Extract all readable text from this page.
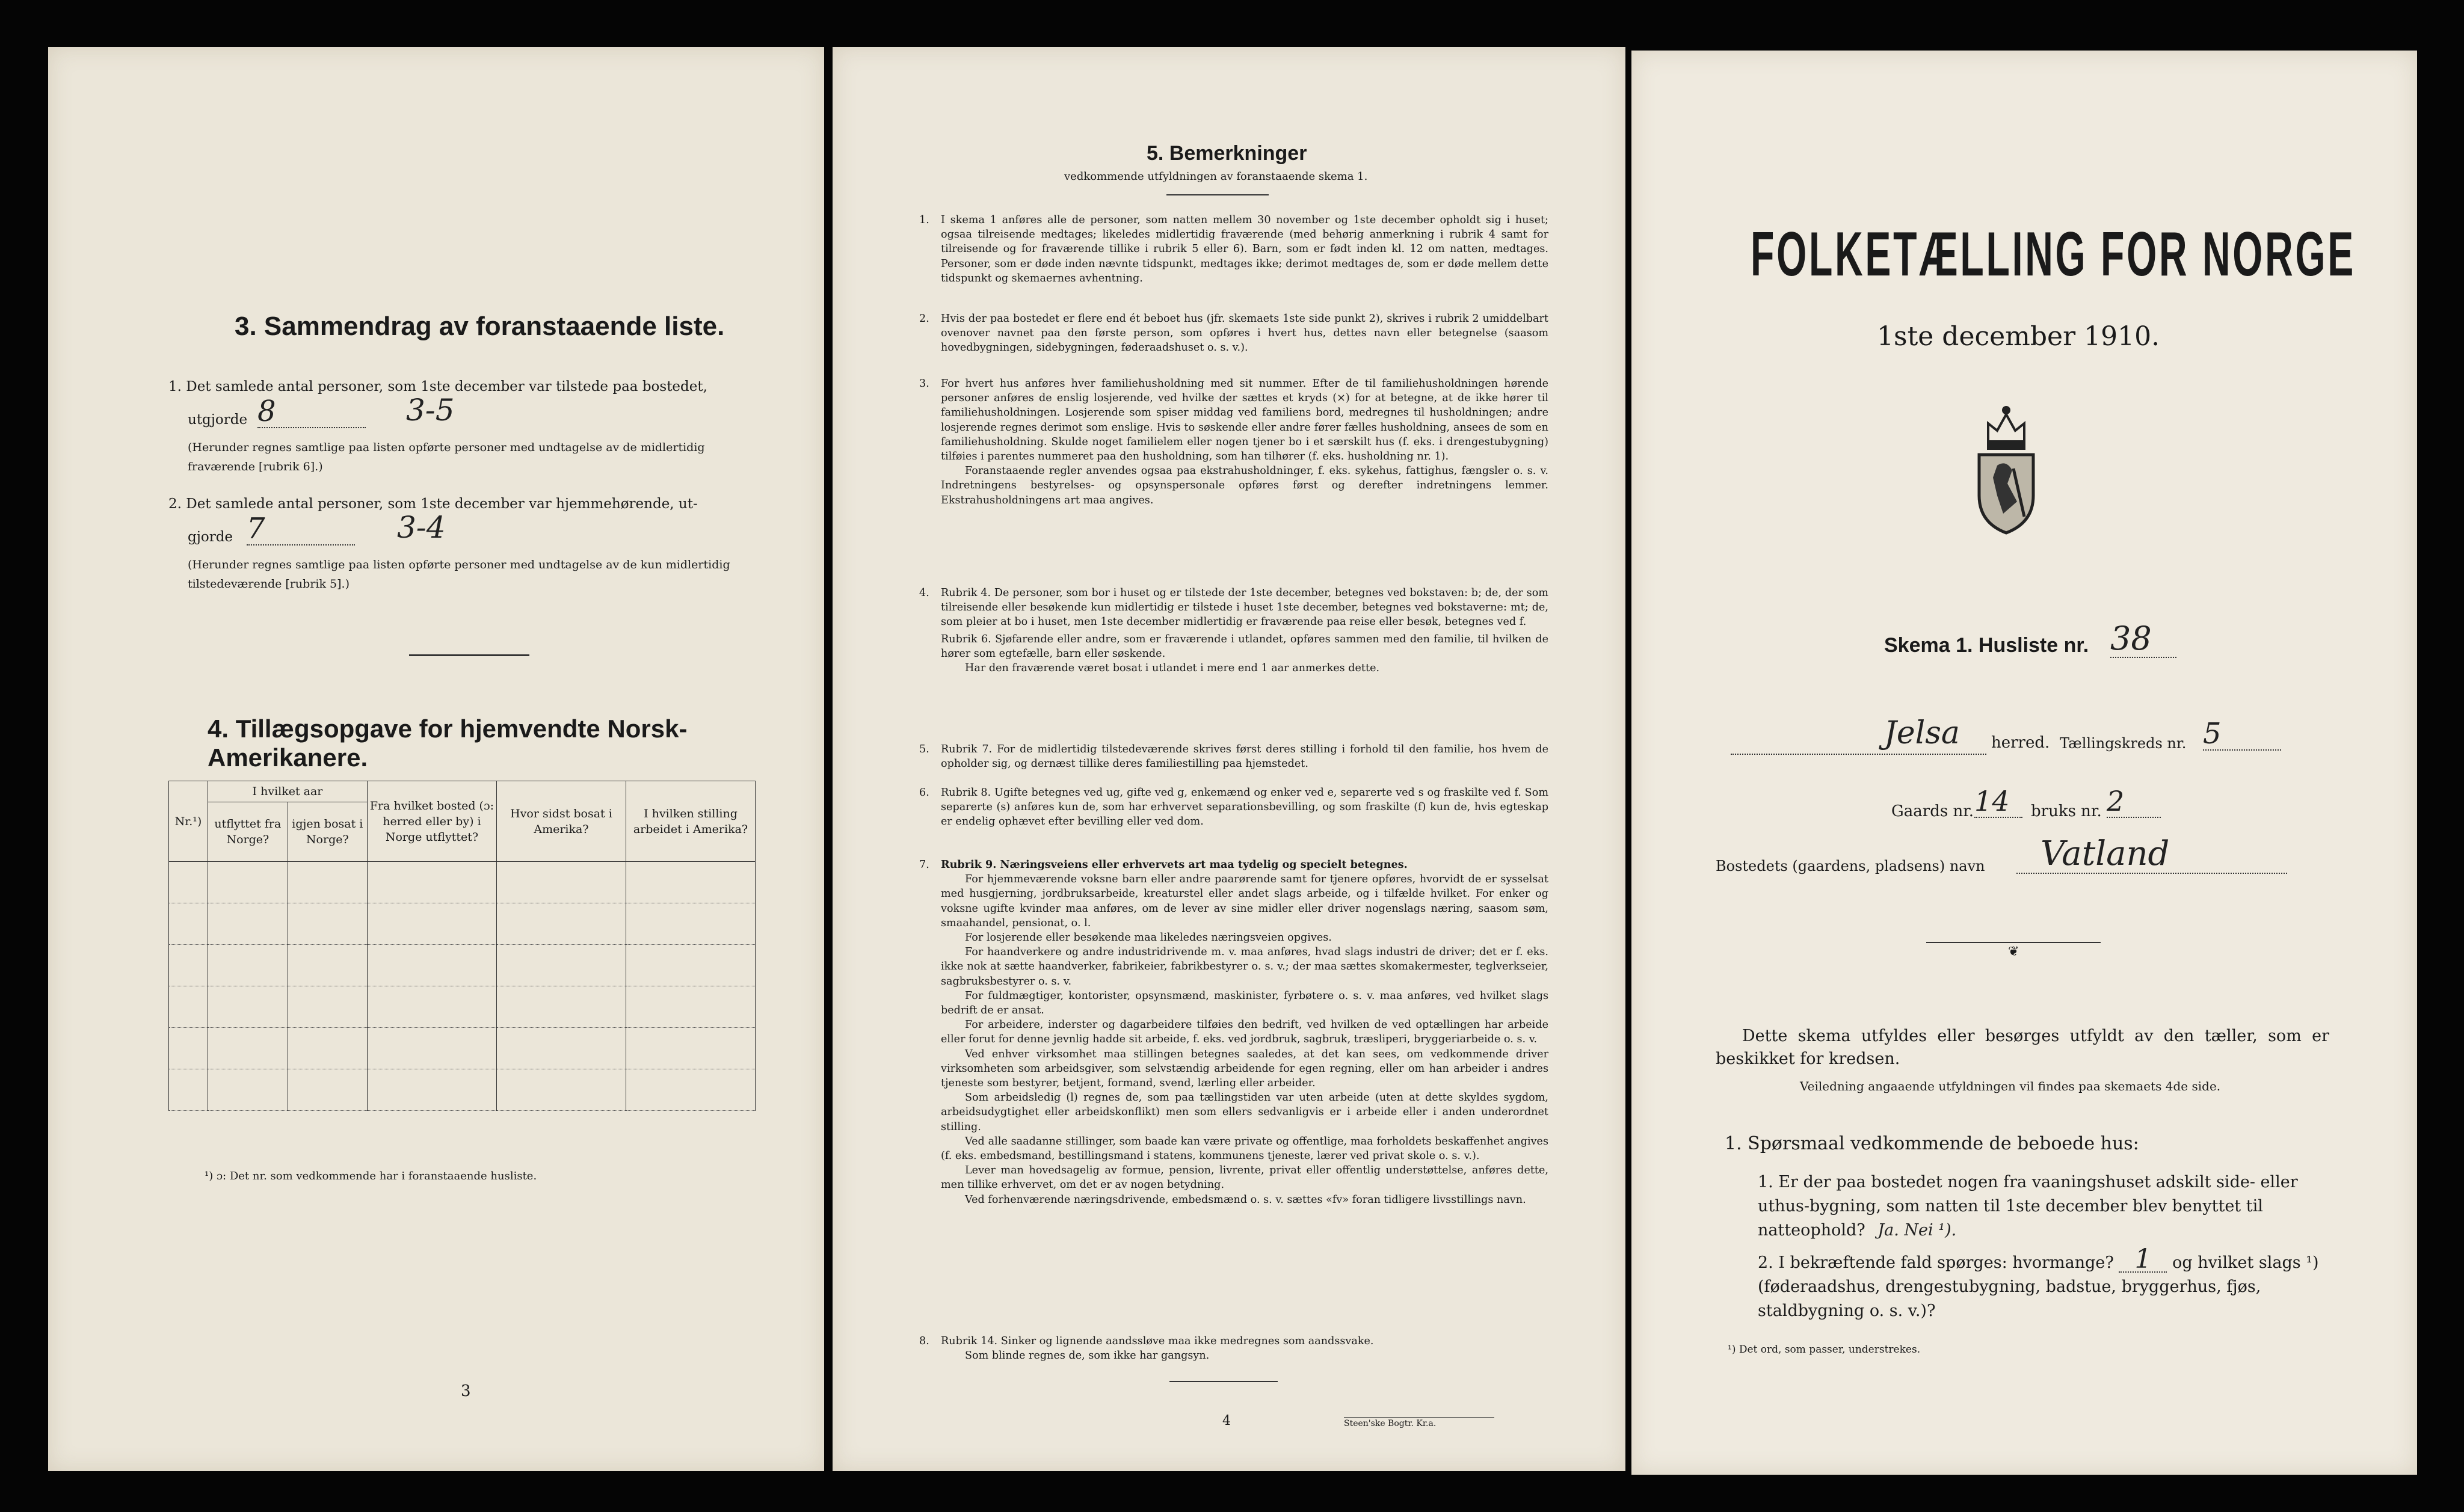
3. Sammendrag av foranstaaende liste.
1. Det samlede antal personer, som 1ste december var tilstede paa bostedet,
utgjorde 8	3-5
(Herunder regnes samtlige paa listen opførte personer med undtagelse av de midlertidig fraværende [rubrik 6].)
2. Det samlede antal personer, som 1ste december var hjemmehørende, ut-
gjorde 7	3-4
(Herunder regnes samtlige paa listen opførte personer med undtagelse av de kun midlertidig tilstedeværende [rubrik 5].)
4. Tillægsopgave for hjemvendte Norsk-Amerikanere.
Nr.¹)	I hvilket aar		Fra hvilket bosted (ɔ: herred eller by) i Norge utflyttet?	Hvor sidst bosat i Amerika?	I hvilken stilling arbeidet i Amerika?
	utflyttet fra Norge?	igjen bosat i Norge?			

¹) ɔ: Det nr. som vedkommende har i foranstaaende husliste.
3
5. Bemerkninger
vedkommende utfyldningen av foranstaaende skema 1.
1. I skema 1 anføres alle de personer, som natten mellem 30 november og 1ste december opholdt sig i huset; ogsaa tilreisende medtages; likeledes midlertidig fraværende (med behørig anmerkning i rubrik 4 samt for tilreisende og for fraværende tillike i rubrik 5 eller 6). Barn, som er født inden kl. 12 om natten, medtages. Personer, som er døde inden nævnte tidspunkt, medtages ikke; derimot medtages de, som er døde mellem dette tidspunkt og skemaernes avhentning.
2. Hvis der paa bostedet er flere end ét beboet hus (jfr. skemaets 1ste side punkt 2), skrives i rubrik 2 umiddelbart ovenover navnet paa den første person, som opføres i hvert hus, dettes navn eller betegnelse (saasom hovedbygningen, sidebygningen, føderaadshuset o. s. v.).
3. For hvert hus anføres hver familiehusholdning med sit nummer. Efter de til familiehusholdningen hørende personer anføres de enslig losjerende, ved hvilke der sættes et kryds (×) for at betegne, at de ikke hører til familiehusholdningen. Losjerende som spiser middag ved familiens bord, medregnes til husholdningen; andre losjerende regnes derimot som enslige. Hvis to søskende eller andre fører fælles husholdning, ansees de som en familiehusholdning. Skulde noget familielem eller nogen tjener bo i et særskilt hus (f. eks. i drengestubygning) tilføies i parentes nummeret paa den husholdning, som han tilhører (f. eks. husholdning nr. 1).
Foranstaaende regler anvendes ogsaa paa ekstrahusholdninger, f. eks. sykehus, fattighus, fængsler o. s. v. Indretningens bestyrelses- og opsynspersonale opføres først og derefter indretningens lemmer. Ekstrahusholdningens art maa angives.
4. Rubrik 4. De personer, som bor i huset og er tilstede der 1ste december, betegnes ved bokstaven: b; de, der som tilreisende eller besøkende kun midlertidig er tilstede i huset 1ste december, betegnes ved bokstaverne: mt; de, som pleier at bo i huset, men 1ste december midlertidig er fraværende paa reise eller besøk, betegnes ved f.
Rubrik 6. Sjøfarende eller andre, som er fraværende i utlandet, opføres sammen med den familie, til hvilken de hører som egtefælle, barn eller søskende.
Har den fraværende været bosat i utlandet i mere end 1 aar anmerkes dette.
5. Rubrik 7. For de midlertidig tilstedeværende skrives først deres stilling i forhold til den familie, hos hvem de opholder sig, og dernæst tillike deres familiestilling paa hjemstedet.
6. Rubrik 8. Ugifte betegnes ved ug, gifte ved g, enkemænd og enker ved e, separerte ved s og fraskilte ved f. Som separerte (s) anføres kun de, som har erhvervet separationsbevilling, og som fraskilte (f) kun de, hvis egteskap er endelig ophævet efter bevilling eller ved dom.
7. Rubrik 9. Næringsveiens eller erhvervets art maa tydelig og specielt betegnes.
For hjemmeværende voksne barn eller andre paarørende samt for tjenere opføres, hvorvidt de er sysselsat med husgjerning, jordbruksarbeide, kreaturstel eller andet slags arbeide, og i tilfælde hvilket. For enker og voksne ugifte kvinder maa anføres, om de lever av sine midler eller driver nogenslags næring, saasom søm, smaahandel, pensionat, o. l.
For losjerende eller besøkende maa likeledes næringsveien opgives.
For haandverkere og andre industridrivende m. v. maa anføres, hvad slags industri de driver; det er f. eks. ikke nok at sætte haandverker, fabrikeier, fabrikbestyrer o. s. v.; der maa sættes skomakermester, teglverkseier, sagbruksbestyrer o. s. v.
For fuldmægtiger, kontorister, opsynsmænd, maskinister, fyrbøtere o. s. v. maa anføres, ved hvilket slags bedrift de er ansat.
For arbeidere, inderster og dagarbeidere tilføies den bedrift, ved hvilken de ved optællingen har arbeide eller forut for denne jevnlig hadde sit arbeide, f. eks. ved jordbruk, sagbruk, træsliperi, bryggeriarbeide o. s. v.
Ved enhver virksomhet maa stillingen betegnes saaledes, at det kan sees, om vedkommende driver virksomheten som arbeidsgiver, som selvstændig arbeidende for egen regning, eller om han arbeider i andres tjeneste som bestyrer, betjent, formand, svend, lærling eller arbeider.
Som arbeidsledig (l) regnes de, som paa tællingstiden var uten arbeide (uten at dette skyldes sygdom, arbeidsudygtighet eller arbeidskonflikt) men som ellers sedvanligvis er i arbeide eller i anden underordnet stilling.
Ved alle saadanne stillinger, som baade kan være private og offentlige, maa forholdets beskaffenhet angives (f. eks. embedsmand, bestillingsmand i statens, kommunens tjeneste, lærer ved privat skole o. s. v.).
Lever man hovedsagelig av formue, pension, livrente, privat eller offentlig understøttelse, anføres dette, men tillike erhvervet, om det er av nogen betydning.
Ved forhenværende næringsdrivende, embedsmænd o. s. v. sættes «fv» foran tidligere livsstillings navn.
8. Rubrik 14. Sinker og lignende aandssløve maa ikke medregnes som aandssvake.
Som blinde regnes de, som ikke har gangsyn.
4	Steen'ske Bogtr. Kr.a.
FOLKETÆLLING FOR NORGE
1ste december 1910.
Skema 1. Husliste nr. 38
Jelsa herred. Tællingskreds nr. 5
Gaards nr. 14	bruks nr. 2
Bostedets (gaardens, pladsens) navn	Vatland
❦
Dette skema utfyldes eller besørges utfyldt av den tæller, som er beskikket for kredsen.
Veiledning angaaende utfyldningen vil findes paa skemaets 4de side.
1. Spørsmaal vedkommende de beboede hus:
1. Er der paa bostedet nogen fra vaaningshuset adskilt side- eller uthus-bygning, som natten til 1ste december blev benyttet til natteophold? Ja. Nei ¹).
2. I bekræftende fald spørges: hvormange? 1 og hvilket slags ¹) (føderaadshus, drengestubygning, badstue, bryggerhus, fjøs, staldbygning o. s. v.)?
¹) Det ord, som passer, understrekes.
